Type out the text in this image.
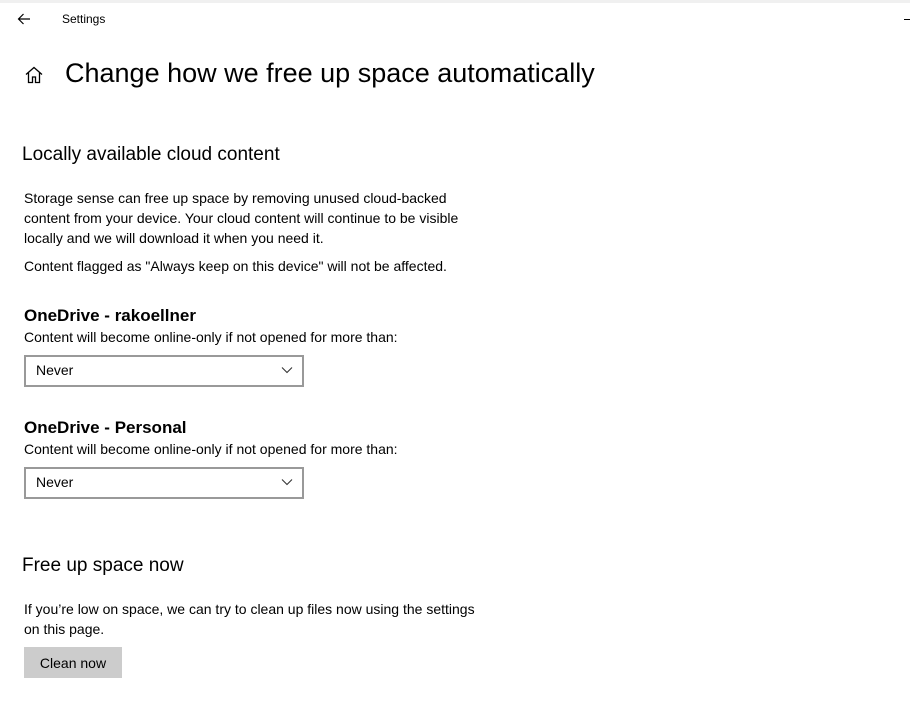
Settings
Change how we free up space automatically
Locally available cloud content

Storage sense can free up space by removing unused cloud-backed content from your device. Your cloud content will continue to be visible locally and we will download it when you need it.

Content flagged as "Always keep on this device" will not be affected.

OneDrive - rakoellner

Content will become online-only if not opened for more than:

Never
OneDrive - Personal

Content will become online-only if not opened for more than:

Never
Free up space now

If you’re low on space, we can try to clean up files now using the settings on this page.

Clean now
